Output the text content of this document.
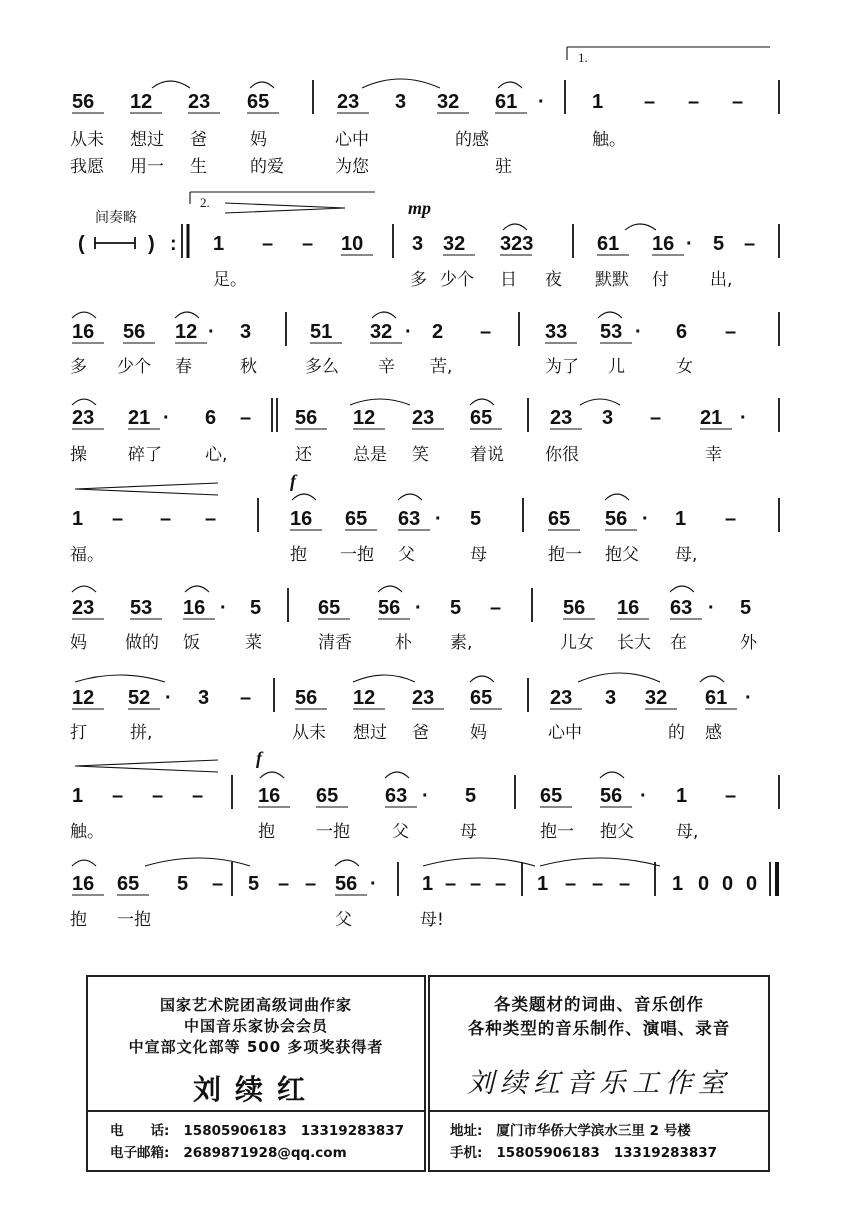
1.
56 12 23 65	23 3 32 61 · 1 – – –
从未 想过 爸	妈	心中	的感	触。
我愿 用一 生	的爱	为您	驻
间奏略
(	) :
2.	mp
1 – – 10 3 32 323	61 16 · 5 –
足。	多 少个 日 夜 默默 付 出,
16 56 12 · 3	51 32 · 2 –	33 53 · 6 –
多 少个 春	秋	多么 辛 苦,	为了 儿	女
23 21 · 6 – 56 12 23 65	23 3 – 21 ·
操 碎了	心,	还 总是 笑 着说 你很	幸
f
1 – – –	16 65 63 · 5	65 56 · 1 –
福。	抱 一抱 父	母	抱一 抱父 母,
23 53 16 · 5	65 56 · 5 –	56 16 63 · 5
妈 做的 饭	菜	清香	朴 素,	儿女 长大 在	外
12 52 · 3 – 56 12 23 65	23 3 32 61 ·
打	拼,	从未 想过 爸 妈	心中	的 感
f
1 – – –	16 65 63 · 5	65 56 · 1 –
触。	抱 一抱 父	母	抱一 抱父 母,
16 65 5 – 5 – – 56 · 1 – – – 1 – – – 1 0 0 0
抱 一抱	父	母!
国家艺术院团高级词曲作家
中国音乐家协会会员
中宣部文化部等 500 多项奖获得者
刘续红
电　　话: 15805906183 13319283837
电子邮箱: 2689871928@qq.com
各类题材的词曲、音乐创作
各种类型的音乐制作、演唱、录音
刘续红音乐工作室
地址: 厦门市华侨大学滨水三里 2 号楼
手机: 15805906183 13319283837
